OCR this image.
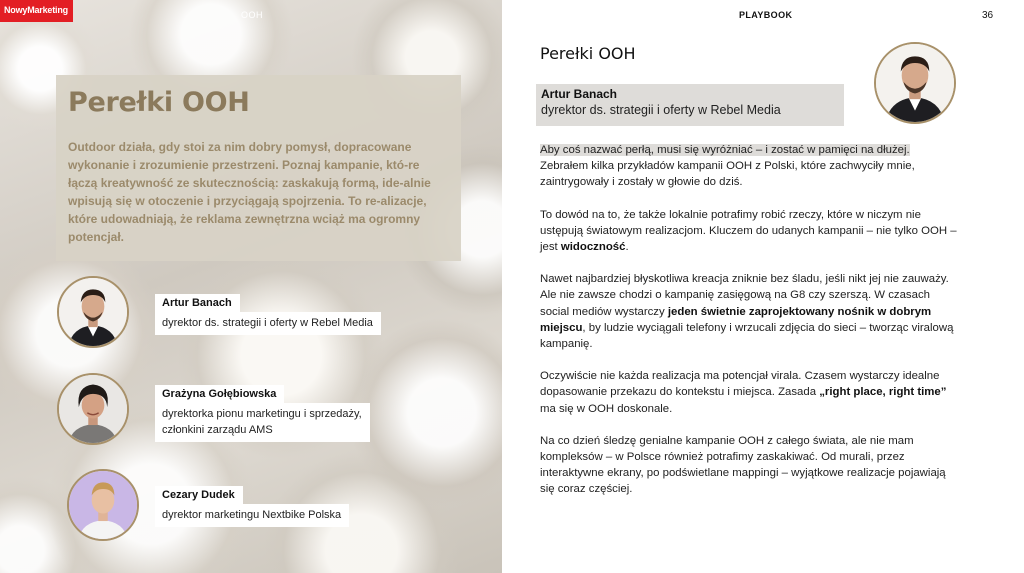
NowyMarketing	OOH
Perełki OOH
Outdoor działa, gdy stoi za nim dobry pomysł, dopracowane wykonanie i zrozumienie przestrzeni. Poznaj kampanie, któ-re łączą kreatywność ze skutecznością: zaskakują formą, ide-alnie wpisują się w otoczenie i przyciągają spojrzenia. To re-alizacje, które udowadniają, że reklama zewnętrzna wciąż ma ogromny potencjał.
Artur Banach
dyrektor ds. strategii i oferty w Rebel Media
Grażyna Gołębiowska
dyrektorka pionu marketingu i sprzedaży,
członkini zarządu AMS
Cezary Dudek
dyrektor marketingu Nextbike Polska
PLAYBOOK	36
Perełki OOH
Artur Banach
dyrektor ds. strategii i oferty w Rebel Media

Aby coś nazwać perłą, musi się wyróżniać – i zostać w pamięci na dłużej. Zebrałem kilka przykładów kampanii OOH z Polski, które zachwyciły mnie, zaintrygowały i zostały w głowie do dziś.

To dowód na to, że także lokalnie potrafimy robić rzeczy, które w niczym nie ustępują światowym realizacjom. Kluczem do udanych kampanii – nie tylko OOH – jest widoczność.

Nawet najbardziej błyskotliwa kreacja zniknie bez śladu, jeśli nikt jej nie zauważy. Ale nie zawsze chodzi o kampanię zasięgową na G8 czy szerszą. W czasach social mediów wystarczy jeden świetnie zaprojektowany nośnik w dobrym miejscu, by ludzie wyciągali telefony i wrzucali zdjęcia do sieci – tworząc viralową kampanię.

Oczywiście nie każda realizacja ma potencjał virala. Czasem wystarczy idealne dopasowanie przekazu do kontekstu i miejsca. Zasada „right place, right time” ma się w OOH doskonale.

Na co dzień śledzę genialne kampanie OOH z całego świata, ale nie mam kompleksów – w Polsce również potrafimy zaskakiwać. Od murali, przez interaktywne ekrany, po podświetlane mappingi – wyjątkowe realizacje pojawiają się coraz częściej.
